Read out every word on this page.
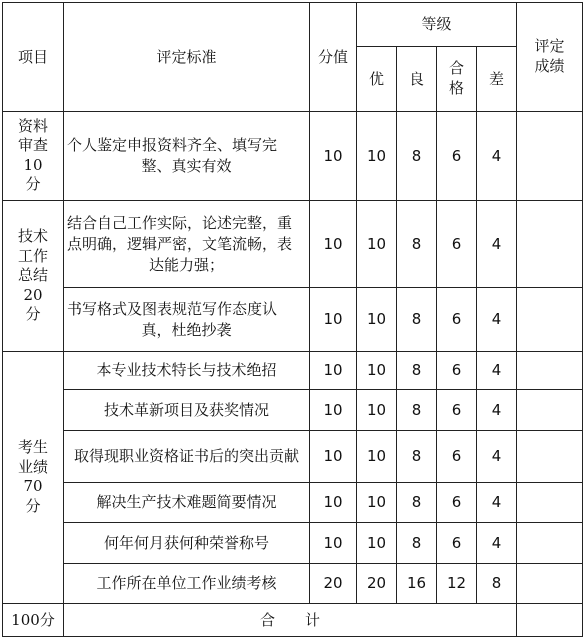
项目	评定标准	分值	等级				评定成绩
			优	良	合格	差	
资料审查10分	个人鉴定申报资料齐全、填写完整、真实有效	10	10	8	6	4	
技术工作总结20分	结合自己工作实际，论述完整，重点明确，逻辑严密，文笔流畅，表达能力强；	10	10	8	6	4	
	书写格式及图表规范写作态度认真，杜绝抄袭	10	10	8	6	4	
考生业绩70分	本专业技术特长与技术绝招	10	10	8	6	4	
	技术革新项目及获奖情况	10	10	8	6	4	
	取得现职业资格证书后的突出贡献	10	10	8	6	4	
	解决生产技术难题简要情况	10	10	8	6	4	
	何年何月获何种荣誉称号	10	10	8	6	4	
	工作所在单位工作业绩考核	20	20	16	12	8	
100分	合　　计						
